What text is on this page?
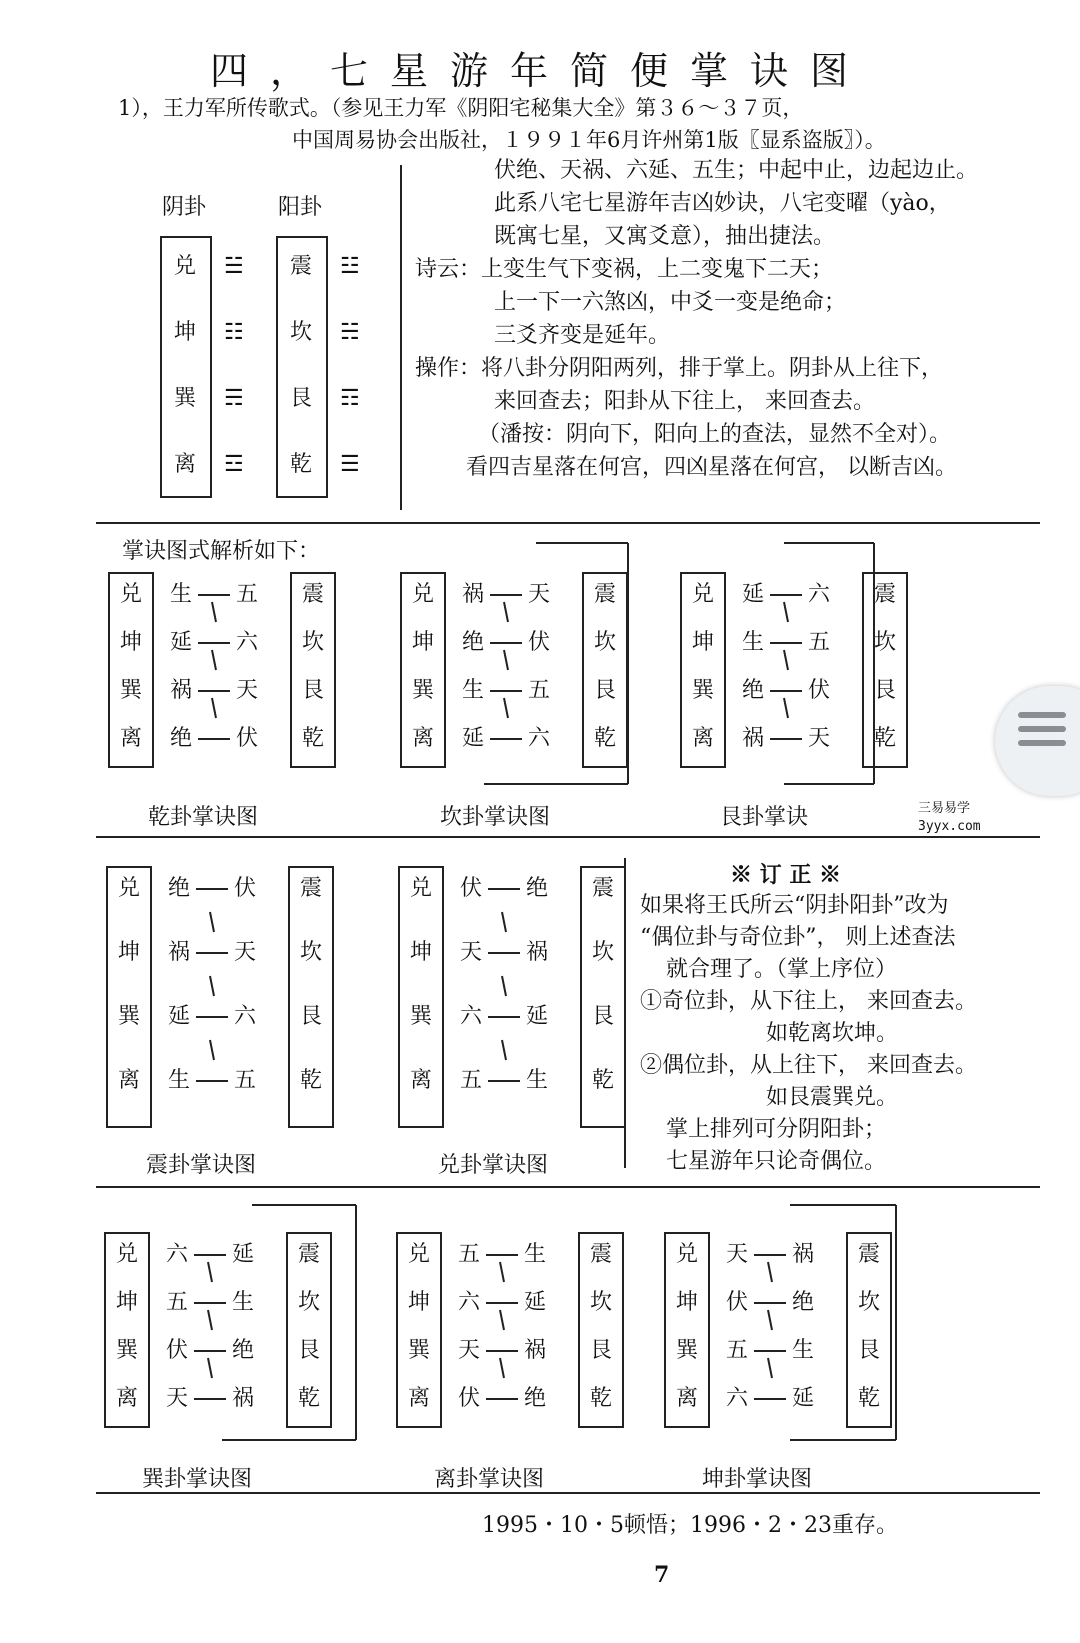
四，七星游年简便掌诀图
1），王力军所传歌式。（参见王力军《阴阳宅秘集大全》第３６～３７页，
中国周易协会出版社，１９９１年6月许州第1版〖显系盗版〗）。
阴卦	阳卦
兑 ☱
坤 ☷
巽 ☴
离 ☲
震 ☳
坎 ☵
艮 ☶
乾 ☰
伏绝、天祸、六延、五生；中起中止，边起边止。
此系八宅七星游年吉凶妙诀，八宅变曜（yào，
既寓七星，又寓爻意），抽出捷法。
诗云：上变生气下变祸，上二变鬼下二天；
上一下一六煞凶，中爻一变是绝命；
三爻齐变是延年。
操作：将八卦分阴阳两列，排于掌上。阴卦从上往下，
来回查去；阳卦从下往上， 来回查去。
（潘按：阴向下，阳向上的查法，显然不全对）。
看四吉星落在何宫，四凶星落在何宫， 以断吉凶。
掌诀图式解析如下：
兑 生 五 震
坤 延 六 坎
巽 祸 天 艮
离 绝 伏 乾
乾卦掌诀图
兑 祸 天 震
坤 绝 伏 坎
巽 生 五 艮
离 延 六 乾
坎卦掌诀图
兑 延 六 震
坤 生 五 坎
巽 绝 伏 艮
离 祸 天 乾
艮卦掌诀
兑 绝 伏 震
坤 祸 天 坎
巽 延 六 艮
离 生 五 乾
震卦掌诀图
兑 伏 绝 震
坤 天 祸 坎
巽 六 延 艮
离 五 生 乾
兑卦掌诀图
兑 六 延 震
坤 五 生 坎
巽 伏 绝 艮
离 天 祸 乾
巽卦掌诀图
兑 五 生 震
坤 六 延 坎
巽 天 祸 艮
离 伏 绝 乾
离卦掌诀图
兑 天 祸 震
坤 伏 绝 坎
巽 五 生 艮
离 六 延 乾
坤卦掌诀图
※ 订 正 ※
如果将王氏所云“阴卦阳卦”改为
“偶位卦与奇位卦”， 则上述查法
就合理了。（掌上序位）
①奇位卦，从下往上， 来回查去。
如乾离坎坤。
②偶位卦，从上往下， 来回查去。
如艮震巽兑。
掌上排列可分阴阳卦；
七星游年只论奇偶位。
1995・10・5顿悟；1996・2・23重存。
7
三易易学
3yyx.com
